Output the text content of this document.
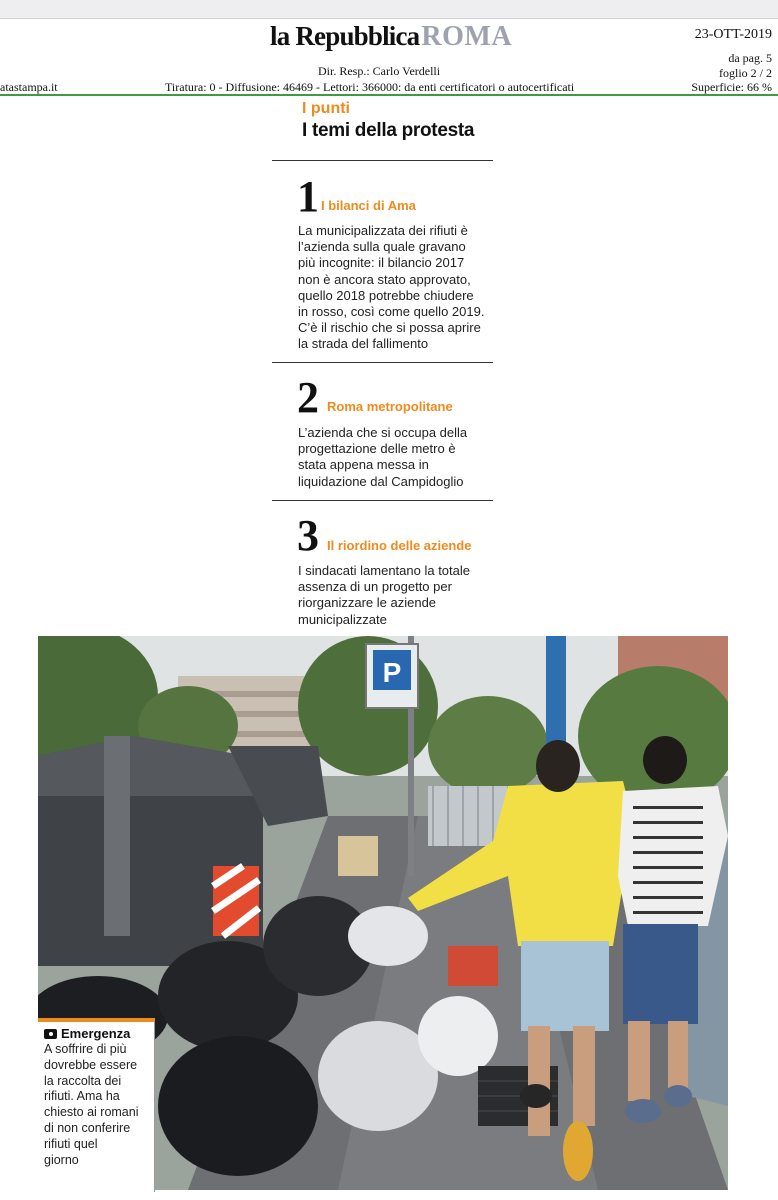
la RepubblicaROMA	23-OTT-2019
da pag. 5
foglio 2 / 2
Dir. Resp.: Carlo Verdelli
atastampa.it	Tiratura: 0 - Diffusione: 46469 - Lettori: 366000: da enti certificatori o autocertificati	Superficie: 66 %
I punti
I temi della protesta
1 I bilanci di Ama
La municipalizzata dei rifiuti è
l’azienda sulla quale gravano
più incognite: il bilancio 2017
non è ancora stato approvato,
quello 2018 potrebbe chiudere
in rosso, così come quello 2019.
C’è il rischio che si possa aprire
la strada del fallimento
2 Roma metropolitane
L’azienda che si occupa della
progettazione delle metro è
stata appena messa in
liquidazione dal Campidoglio
3 Il riordino delle aziende
I sindacati lamentano la totale
assenza di un progetto per
riorganizzare le aziende
municipalizzate
P
Emergenza
A soffrire di più
dovrebbe essere
la raccolta dei
rifiuti. Ama ha
chiesto ai romani
di non conferire
rifiuti quel
giorno
